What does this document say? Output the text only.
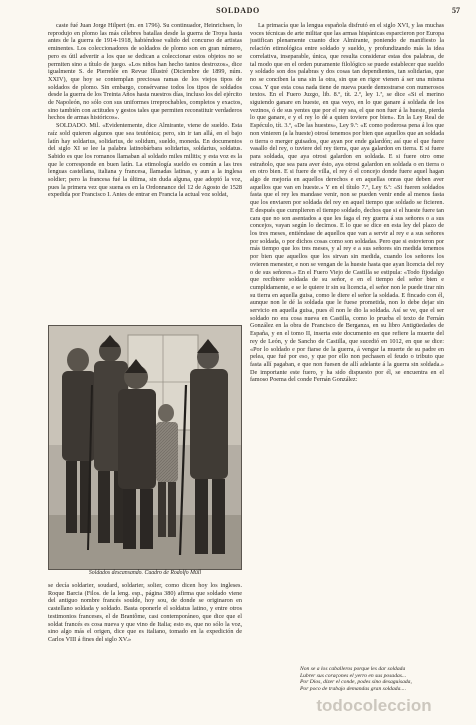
SOLDADO	57

caste fué Juan Jorge Hilpert (m. en 1796). Su continuador, Heinrichsen, lo reprodujo en plomo las más célebres batallas desde la guerra de Troya hasta antes de la guerra de 1914-1918, habiéndose valido del concurso de artistas eminentes. Los coleccionadores de soldados de plomo son en gran número, pero es útil advertir a los que se dedican a coleccionar estos objetos no se permiten sino a título de juego. «Los niños han hecho tantos destrozos», dice igualmente S. de Pierrelée en Revue Illustré (Diciembre de 1899, núm. XXIV), que hoy se contemplan preciosas ramas de los viejos tipos de soldados de plomo. Sin embargo, consérvanse todos los tipos de soldados desde la guerra de los Treinta Años hasta nuestros días, incluso los del ejército de Napoleón, no sólo con sus uniformes irreprochables, completos y exactos, sino también con actitudes y gestos tales que permiten reconstituir verdaderos hechos de armas históricos».

SOLDADO. Mil. «Evidentemente, dice Almirante, viene de sueldo. Esta raíz sold quieren algunos que sea teutónica; pero, sin ir tan allá, en el bajo latín hay soldarius, solidarius, de solidum, sueldo, moneda. En documentos del siglo XI se lee la palabra latinobárbara solidarius, soldarius, soldatus. Sabido es que los romanos llamaban al soldado miles militis; y esta voz es la que le corresponde en buen latín. La etimología sueldo es común a las tres lenguas castellana, italiana y francesa, llamadas latinas, y aun a la inglesa soldier; pero la francesa fué la última, sin duda alguna, que adoptó la voz, pues la primera vez que suena es en la Ordonnance del 12 de Agosto de 1528 expedida por Francisco I. Antes de entrar en Francia la actual voz soldat,

Soldados descansando. Cuadro de Rodolfo Müll

se decía soldarier, soudard, soldarier, solier, como dicen hoy los ingleses. Roque Barcia (Filos. de la leng. esp., página 380) afirma que soldado viene del antiguo nombre francés soulde, hoy sou, de donde se originaron en castellano soldada y soldado. Basta oponerle el soldatus latino, y entre otros testimonios franceses, el de Brantôme, casi contemporáneo, que dice que el soldat francés es cosa nueva y que vino de Italia; esto es, que no sólo la voz, sino algo más el origen, dice que es italiano, tomado en la expedición de Carlos VIII á fines del siglo XV.»

La primacía que la lengua española disfrutó en el siglo XVI, y las muchas voces técnicas de arte militar que las armas hispánicas esparcieron por Europa justifican plenamente cuanto dice Almirante, poniendo de manifiesto la relación etimológica entre soldado y sueldo, y profundizando más la idea correlativa, inseparable, única, que resulta considerar estas dos palabras, de tal modo que en el orden puramente filológico se puede establecer que sueldo y soldado son dos palabras y dos cosas tan dependientes, tan solidarias, que no se conciben la una sin la otra, sin que en rigor vienen á ser una misma cosa. Y que esta cosa nada tiene de nueva puede demostrarse con numerosos textos. En el Fuero Juzgo, lib. 8.º, tít. 2.º, ley 1.ª, se dice «Si el merino siguiendo ganare en hueste, en qua veyo, en lo que ganare á soldada de los vezinos, ó de sus yentes que por el rey sea, el que non fuer á la hueste, pierda lo que ganare, e y el rey lo dé a quien toviere por bien». En la Ley Real de Espéculo, tít. 3.º, «De las huestes», Ley 9.ª: «E como poderosa pena á los que non vinieren (a la hueste) otrosí tenemos por bien que aquellos que an soldada o tierra o merger guisados, que ayan por ende galardón; así que el que fuere vasallo del rey, o tuviere del rey tierra, que aya galardon en tierra. E si fuere para soldada, que aya otrosi galardon en soldada. E si fuere otro ome estrañolo, que sea para aver ésto, aya otrosi galardon en soldada o en tierra o en otro bien. E si fuere de villa, el rey ó el concejo donde fuere aquel hagan algo de mejoría en aquellos derechos e en aquellas onras que deben aver aquellos que van en hueste.» Y en el título 7.º, Ley 6.ª: «Si fueren soldados fasta que el rey les mandase venir, non se pueden venir ende al menos fasta que los enviaren por soldada del rey en aquel tiempo que soldado se ficieren. E después que cumplieren el tiempo soldado, dechos que si el hueste fuere tan cara que no son asentados a que les faga el rey guerra á sus señores o a sus concejos, vayan según lo decimos. E lo que se dice en esta ley del plazo de los tres meses, entiéndase de aquellos que van a servir al rey e a sus señores por soldada, o por dichos cosas como son soldadas. Pero que si estovieron por más tiempo que los tres meses, y al rey e a sus señores sin medida tenemos por bien que aquellos que los sirvan sin medida, cuando los señores los ovieren menester, e non se vengan de la hueste hasta que ayan licencia del rey o de sus señores.» En el Fuero Viejo de Castilla se estipula: «Todo fijodalgo que recibiere soldada de su señor, e en el tiempo del señor bien e cumplidamente, e se le quiere ir sin su licencia, el señor non le puede tirar nin su tierra en aquella guisa, como le diere el señor la soldada. E fincado con él, aunque non le dé la soldada que le fuese prometida, non lo debe dejar sin servicio en aquella guisa, pues él non le dio la soldada. Así se ve, que el ser soldado no era cosa nueva en Castilla, como lo prueba el texto de Fernán González en la obra de Francisco de Berganza, en su libro Antigüedades de España, y en el tomo II, inserta este documento en que refiere la muerte del rey de León, y de Sancho de Castilla, que sucedió en 1012, en que se dice: «Por lo soldado e por fiarse de la guerra, á vengar la muerte de su padre en pelea, que fué por eso, y que por ello non pechasen el feudo o tributo que fasta allí pagaban, e que non fuesen de allí adelante á la guerra sin soldada.» De importante este fuero, y ha sido dispuesto por él, se encuentra en el famoso Poema del conde Fernán González:

Non se a los caballeros porque les dar soldada
Lubrer sus coraçones el yerro en sus posadas...
Por Dios, dizer el conde, podes sino desaguisada,
Por poco de trabajo demandas gran soldada....
todocoleccion
